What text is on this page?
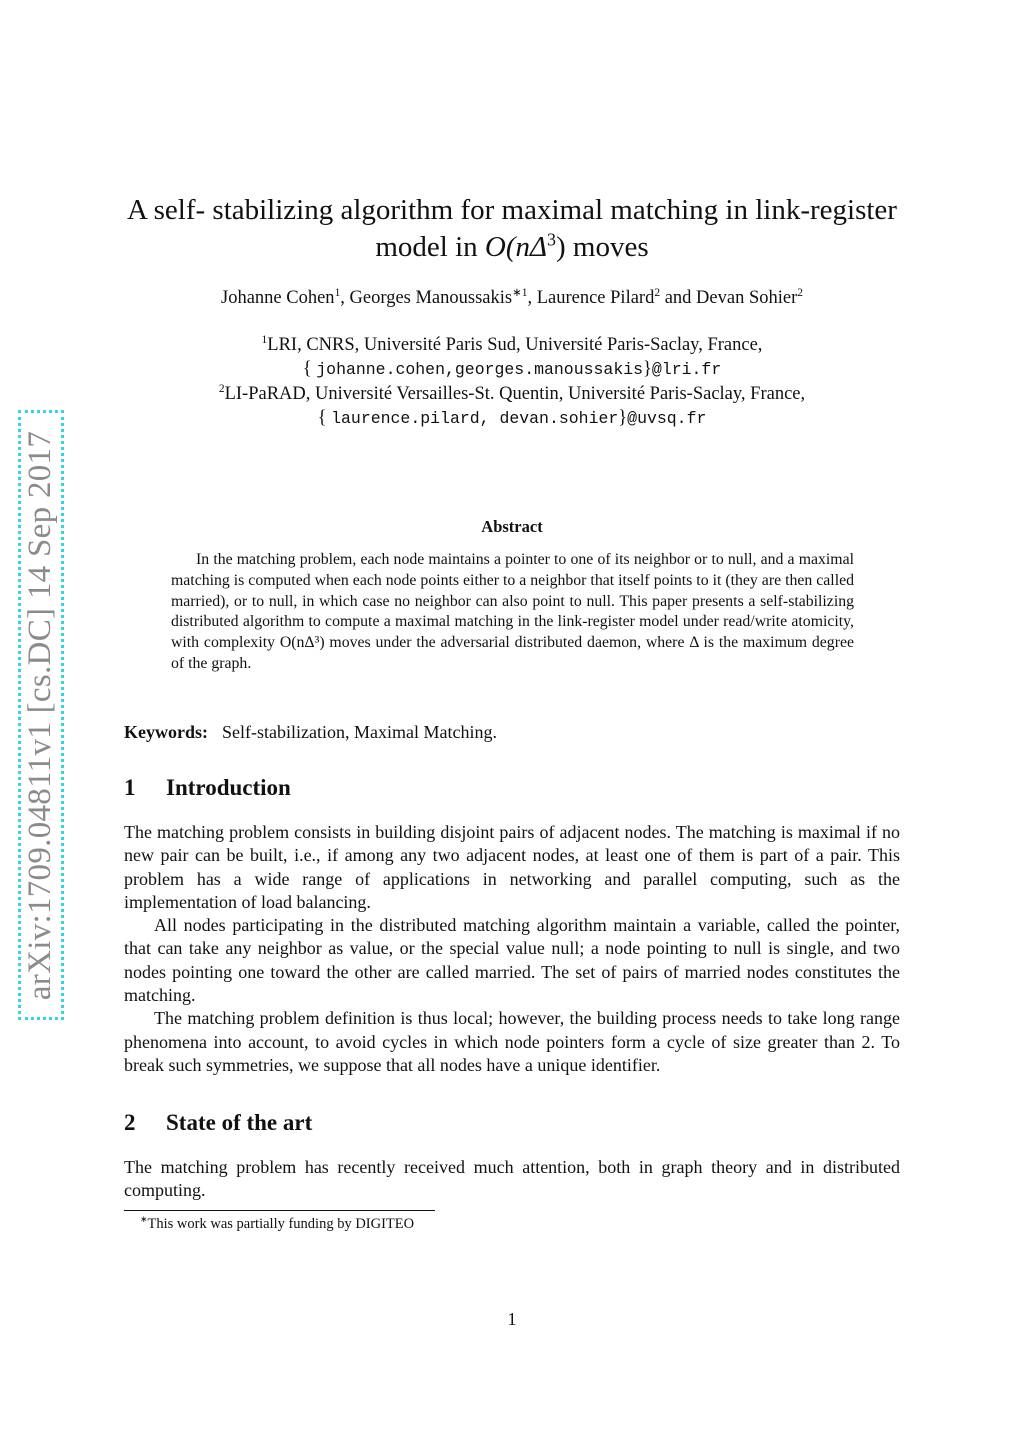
arXiv:1709.04811v1 [cs.DC] 14 Sep 2017
A self- stabilizing algorithm for maximal matching in link-register
model in $O(n\Delta^3)$ moves
Johanne Cohen$^1$, Georges Manoussakis$^{∗1}$, Laurence Pilard$^2$ and Devan Sohier$^2$
$^1$LRI, CNRS, Université Paris Sud, Université Paris-Saclay, France,
{ johanne.cohen,georges.manoussakis}@lri.fr
$^2$LI-PaRAD, Université Versailles-St. Quentin, Université Paris-Saclay, France,
{ laurence.pilard, devan.sohier}@uvsq.fr
Abstract

In the matching problem, each node maintains a pointer to one of its neighbor or to null, and a maximal matching is computed when each node points either to a neighbor that itself points to it (they are then called married), or to null, in which case no neighbor can also point to null. This paper presents a self-stabilizing distributed algorithm to compute a maximal matching in the link-register model under read/write atomicity, with complexity O(nΔ³) moves under the adversarial distributed daemon, where Δ is the maximum degree of the graph.

Keywords: Self-stabilization, Maximal Matching.
1 Introduction

The matching problem consists in building disjoint pairs of adjacent nodes. The matching is maximal if no new pair can be built, i.e., if among any two adjacent nodes, at least one of them is part of a pair. This problem has a wide range of applications in networking and parallel computing, such as the implementation of load balancing.

All nodes participating in the distributed matching algorithm maintain a variable, called the pointer, that can take any neighbor as value, or the special value null; a node pointing to null is single, and two nodes pointing one toward the other are called married. The set of pairs of married nodes constitutes the matching.

The matching problem definition is thus local; however, the building process needs to take long range phenomena into account, to avoid cycles in which node pointers form a cycle of size greater than 2. To break such symmetries, we suppose that all nodes have a unique identifier.

2 State of the art

The matching problem has recently received much attention, both in graph theory and in distributed computing.

∗This work was partially funding by DIGITEO
1
